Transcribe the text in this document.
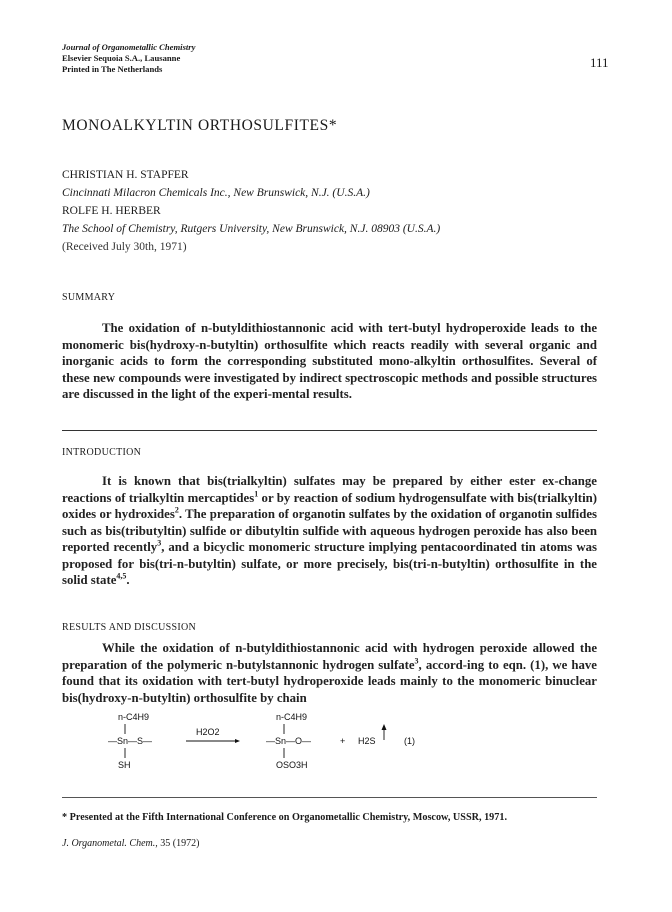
Journal of Organometallic Chemistry
Elsevier Sequoia S.A., Lausanne
Printed in The Netherlands	111
MONOALKYLTIN ORTHOSULFITES*
CHRISTIAN H. STAPFER
Cincinnati Milacron Chemicals Inc., New Brunswick, N.J. (U.S.A.)
ROLFE H. HERBER
The School of Chemistry, Rutgers University, New Brunswick, N.J. 08903 (U.S.A.)
(Received July 30th, 1971)
SUMMARY

The oxidation of n-butyldithiostannonic acid with tert-butyl hydroperoxide leads to the monomeric bis(hydroxy-n-butyltin) orthosulfite which reacts readily with several organic and inorganic acids to form the corresponding substituted mono-alkyltin orthosulfites. Several of these new compounds were investigated by indirect spectroscopic methods and possible structures are discussed in the light of the experi-mental results.

INTRODUCTION

It is known that bis(trialkyltin) sulfates may be prepared by either ester ex-change reactions of trialkyltin mercaptides$^1$ or by reaction of sodium hydrogensulfate with bis(trialkyltin) oxides or hydroxides$^2$. The preparation of organotin sulfates by the oxidation of organotin sulfides such as bis(tributyltin) sulfide or dibutyltin sulfide with aqueous hydrogen peroxide has also been reported recently$^3$, and a bicyclic monomeric structure implying pentacoordinated tin atoms was proposed for bis(tri-n-butyltin) sulfate, or more precisely, bis(tri-n-butyltin) orthosulfite in the solid state$^{4,5}$.

RESULTS AND DISCUSSION

While the oxidation of n-butyldithiostannonic acid with hydrogen peroxide allowed the preparation of the polymeric n-butylstannonic hydrogen sulfate$^3$, accord-ing to eqn. (1), we have found that its oxidation with tert-butyl hydroperoxide leads mainly to the monomeric binuclear bis(hydroxy-n-butyltin) orthosulfite by chain

n-C4H9
—Sn—S—
SH
H2O2
n-C4H9
—Sn—O—
OSO3H
+ H2S	(1)
* Presented at the Fifth International Conference on Organometallic Chemistry, Moscow, USSR, 1971.
J. Organometal. Chem., 35 (1972)
